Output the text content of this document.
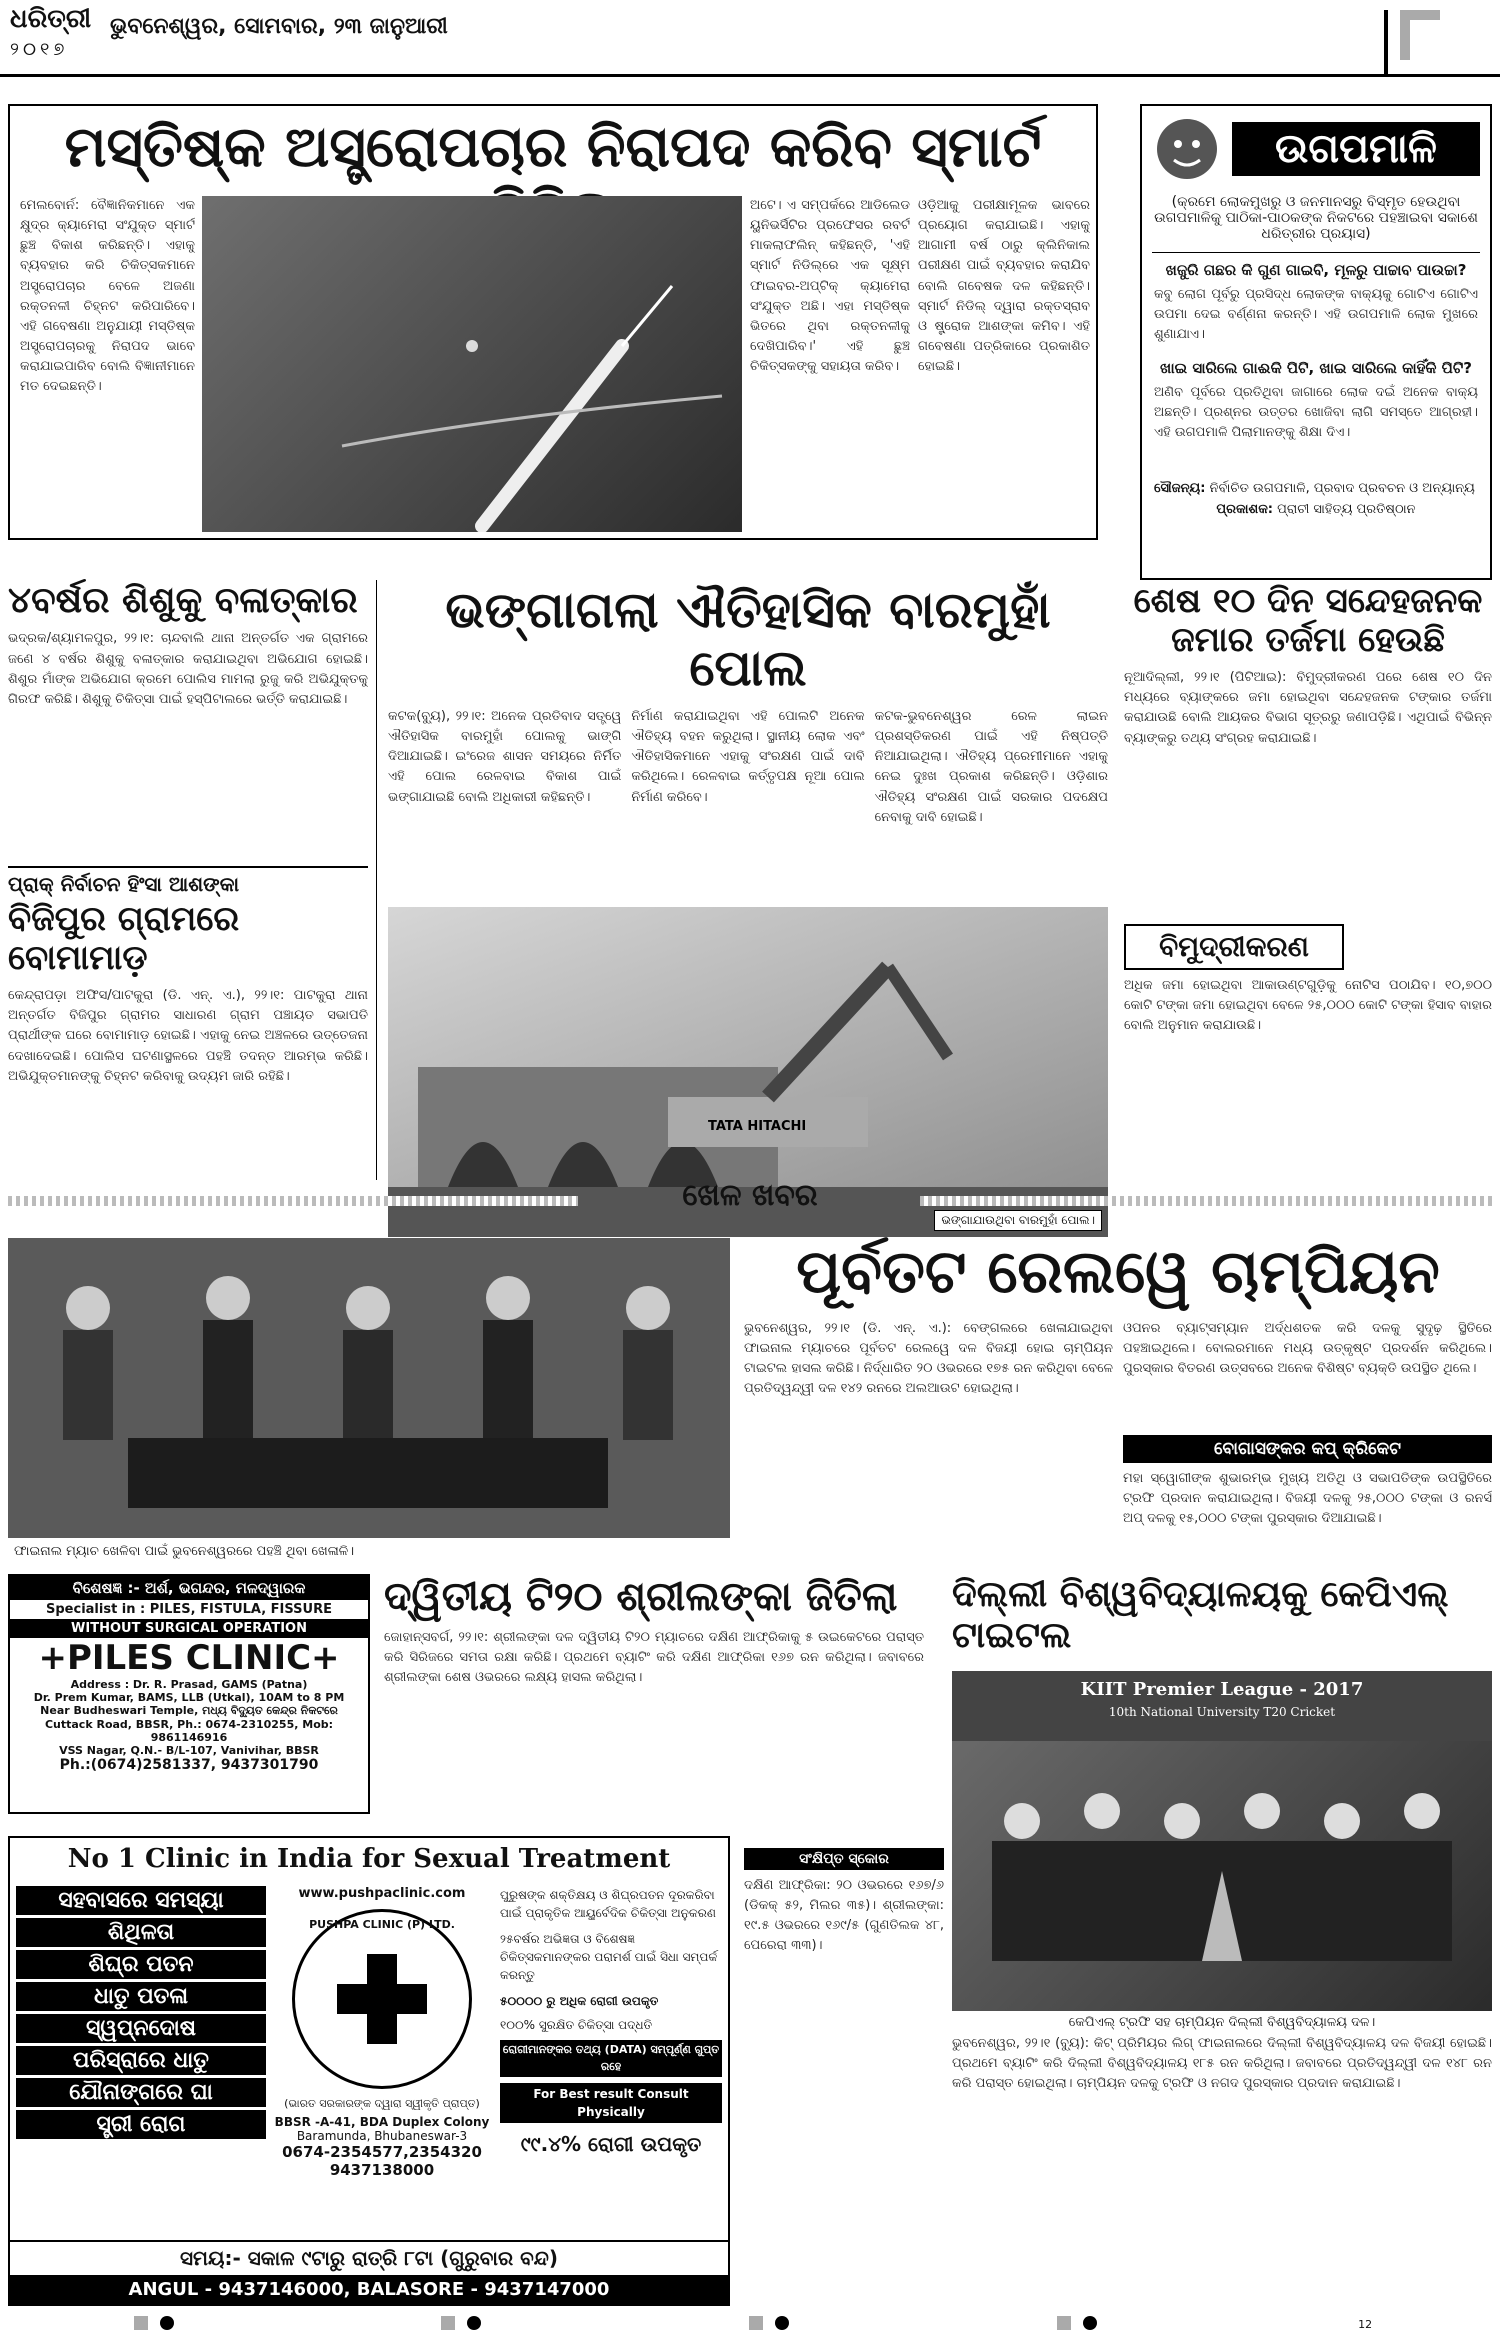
ଧରିତ୍ରୀ
୨୦୧୭
ଭୁବନେଶ୍ୱର, ସୋମବାର, ୨୩ ଜାନୁଆରୀ
ମସ୍ତିଷ୍କ ଅସ୍ତ୍ରୋପଚାର ନିରାପଦ କରିବ ସ୍ମାର୍ଟ
ମେଲବୋର୍ନ: ବୈଜ୍ଞାନିକମାନେ ଏକ କ୍ଷୁଦ୍ର କ୍ୟାମେରା ସଂଯୁକ୍ତ ସ୍ମାର୍ଟ ଛୁଞ୍ଚ ବିକାଶ କରିଛନ୍ତି। ଏହାକୁ ବ୍ୟବହାର କରି ଚିକିତ୍ସକମାନେ ଅସ୍ତ୍ରୋପଚାର ବେଳେ ଅଜଣା ରକ୍ତନଳୀ ଚିହ୍ନଟ କରିପାରିବେ। ଏହି ଗବେଷଣା ଅନୁଯାୟୀ ମସ୍ତିଷ୍କ ଅସ୍ତ୍ରୋପଚାରକୁ ନିରାପଦ ଭାବେ କରାଯାଇପାରିବ ବୋଲି ବିଜ୍ଞାନୀମାନେ ମତ ଦେଇଛନ୍ତି।
ଅଟେ। ଏ ସମ୍ପର୍କରେ ଆଡିଲେଡ ୟୁନିଭର୍ସିଟିର ପ୍ରଫେସର ରବର୍ଟ ମାକଲାଫଲିନ୍ କହିଛନ୍ତି, 'ଏହି ସ୍ମାର୍ଟ ନିଡିଲ୍‌ରେ ଏକ ସୂକ୍ଷ୍ମ ଫାଇବର-ଅପ୍ଟିକ୍ କ୍ୟାମେରା ସଂଯୁକ୍ତ ଅଛି। ଏହା ମସ୍ତିଷ୍କ ଭିତରେ ଥିବା ରକ୍ତନଳୀକୁ ଦେଖିପାରିବ।' ଏହି ଛୁଞ୍ଚ ଚିକିତ୍ସକଙ୍କୁ ସହାୟତା କରିବ।
ଓଡ଼ିଆକୁ ପରୀକ୍ଷାମୂଳକ ଭାବରେ ପ୍ରୟୋଗ କରାଯାଇଛି। ଏହାକୁ ଆଗାମୀ ବର୍ଷ ଠାରୁ କ୍ଲିନିକାଲ ପରୀକ୍ଷଣ ପାଇଁ ବ୍ୟବହାର କରାଯିବ ବୋଲି ଗବେଷକ ଦଳ କହିଛନ୍ତି। ସ୍ମାର୍ଟ ନିଡିଲ୍ ଦ୍ୱାରା ରକ୍ତସ୍ରାବ ଓ ଷ୍ଟ୍ରୋକ ଆଶଙ୍କା କମିବ। ଏହି ଗବେଷଣା ପତ୍ରିକାରେ ପ୍ରକାଶିତ ହୋଇଛି।
ଉଗପମାଳି
(କ୍ରମେ ଲୋକମୁଖରୁ ଓ ଜନମାନସରୁ ବିସ୍ମୃତ ହେଉଥିବା ଉଗପମାଳିକୁ ପାଠିକା-ପାଠକଙ୍କ ନିକଟରେ ପହଞ୍ଚାଇବା ସକାଶେ ଧରିତ୍ରୀର ପ୍ରୟାସ)
ଖଜୁରି ଗଛର କି ଗୁଣ ଗାଇବି, ମୂଳରୁ ପାଚ୍ଚାବ ପାଉଚ୍ଚା?
କବୁ ଲୋଗ ପୂର୍ବରୁ ପ୍ରସିଦ୍ଧ ଲୋକଙ୍କ ବାକ୍ୟକୁ ଗୋଟିଏ ଗୋଟିଏ ଉପମା ଦେଇ ବର୍ଣ୍ଣନା କରନ୍ତି। ଏହି ଉଗପମାଳି ଲୋକ ମୁଖରେ ଶୁଣାଯାଏ।
ଖାଇ ସାରିଲେ ଗାଈକି ପିଟି, ଖାଇ ସାରିଲେ କାହିଁକି ପିଟି?
ଅଣିବ ପୂର୍ବରେ ପ୍ରତିଥିବା ଜାଗାରେ ଲୋକ ଦଇଁ ଅନେକ ବାକ୍ୟ ଅଛନ୍ତି। ପ୍ରଶ୍ନର ଉତ୍ତର ଖୋଜିବା ଲାଗି ସମସ୍ତେ ଆଗ୍ରହୀ। ଏହି ଉଗପମାଳି ପିଲାମାନଙ୍କୁ ଶିକ୍ଷା ଦିଏ।
ସୌଜନ୍ୟ: ନିର୍ବାଚିତ ଉଗପମାଳି, ପ୍ରବାଦ ପ୍ରବଚନ ଓ ଅନ୍ୟାନ୍ୟ
ପ୍ରକାଶକ: ପ୍ରାଚୀ ସାହିତ୍ୟ ପ୍ରତିଷ୍ଠାନ
୪ବର୍ଷର ଶିଶୁକୁ ବଳାତ୍କାର
ଭଦ୍ରକ/ଶ୍ୟାମଳପୁର, ୨୨।୧: ଚାନ୍ଦବାଲି ଥାନା ଅନ୍ତର୍ଗତ ଏକ ଗ୍ରାମରେ ଜଣେ ୪ ବର୍ଷର ଶିଶୁକୁ ବଳାତ୍କାର କରାଯାଇଥିବା ଅଭିଯୋଗ ହୋଇଛି। ଶିଶୁର ମାଁଙ୍କ ଅଭିଯୋଗ କ୍ରମେ ପୋଲିସ ମାମଲା ରୁଜୁ କରି ଅଭିଯୁକ୍ତକୁ ଗିରଫ କରିଛି। ଶିଶୁକୁ ଚିକିତ୍ସା ପାଇଁ ହସ୍ପିଟାଲରେ ଭର୍ତ୍ତି କରାଯାଇଛି।
ପ୍ରାକ୍ ନିର୍ବାଚନ ହିଂସା ଆଶଙ୍କା
ବିଜିପୁର ଗ୍ରାମରେ ବୋମାମାଡ଼
କେନ୍ଦ୍ରାପଡ଼ା ଅଫିସ/ପାଟକୁରା (ଡି. ଏନ୍. ଏ.), ୨୨।୧: ପାଟକୁରା ଥାନା ଅନ୍ତର୍ଗତ ବିଜିପୁର ଗ୍ରାମର ସାଧାରଣ ଗ୍ରାମ ପଞ୍ଚାୟତ ସଭାପତି ପ୍ରାର୍ଥୀଙ୍କ ଘରେ ବୋମାମାଡ଼ ହୋଇଛି। ଏହାକୁ ନେଇ ଅଞ୍ଚଳରେ ଉତ୍ତେଜନା ଦେଖାଦେଇଛି। ପୋଲିସ ଘଟଣାସ୍ଥଳରେ ପହଞ୍ଚି ତଦନ୍ତ ଆରମ୍ଭ କରିଛି। ଅଭିଯୁକ୍ତମାନଙ୍କୁ ଚିହ୍ନଟ କରିବାକୁ ଉଦ୍ୟମ ଜାରି ରହିଛି।
ଭଙ୍ଗାଗଲା ଐତିହାସିକ ବାରମୁହାଁ ପୋଲ
କଟକ(ବ୍ୟୁ), ୨୨।୧: ଅନେକ ପ୍ରତିବାଦ ସତ୍ତ୍ୱେ ଐତିହାସିକ ବାରମୁହାଁ ପୋଲକୁ ଭାଙ୍ଗି ଦିଆଯାଇଛି। ଇଂରେଜ ଶାସନ ସମୟରେ ନିର୍ମିତ ଏହି ପୋଲ ରେଳବାଇ ବିକାଶ ପାଇଁ ଭଙ୍ଗାଯାଇଛି ବୋଲି ଅଧିକାରୀ କହିଛନ୍ତି।
ନିର୍ମାଣ କରାଯାଇଥିବା ଏହି ପୋଲଟି ଅନେକ ଐତିହ୍ୟ ବହନ କରୁଥିଲା। ସ୍ଥାନୀୟ ଲୋକ ଏବଂ ଐତିହାସିକମାନେ ଏହାକୁ ସଂରକ୍ଷଣ ପାଇଁ ଦାବି କରିଥିଲେ। ରେଳବାଇ କର୍ତ୍ତୃପକ୍ଷ ନୂଆ ପୋଲ ନିର୍ମାଣ କରିବେ।
କଟକ-ଭୁବନେଶ୍ୱର ରେଳ ଲାଇନ ପ୍ରଶସ୍ତିକରଣ ପାଇଁ ଏହି ନିଷ୍ପତ୍ତି ନିଆଯାଇଥିଲା। ଐତିହ୍ୟ ପ୍ରେମୀମାନେ ଏହାକୁ ନେଇ ଦୁଃଖ ପ୍ରକାଶ କରିଛନ୍ତି। ଓଡ଼ିଶାର ଐତିହ୍ୟ ସଂରକ୍ଷଣ ପାଇଁ ସରକାର ପଦକ୍ଷେପ ନେବାକୁ ଦାବି ହୋଇଛି।
TATA HITACHI
ଭଙ୍ଗାଯାଉଥିବା ବାରମୁହାଁ ପୋଲ।
ଶେଷ ୧୦ ଦିନ ସନ୍ଦେହଜନକ ଜମାର ତର୍ଜମା ହେଉଛି
ନୂଆଦିଲ୍ଲୀ, ୨୨।୧ (ପିଟିଆଇ): ବିମୁଦ୍ରୀକରଣ ପରେ ଶେଷ ୧୦ ଦିନ ମଧ୍ୟରେ ବ୍ୟାଙ୍କରେ ଜମା ହୋଇଥିବା ସନ୍ଦେହଜନକ ଟଙ୍କାର ତର୍ଜମା କରାଯାଉଛି ବୋଲି ଆୟକର ବିଭାଗ ସୂତ୍ରରୁ ଜଣାପଡ଼ିଛି। ଏଥିପାଇଁ ବିଭିନ୍ନ ବ୍ୟାଙ୍କରୁ ତଥ୍ୟ ସଂଗ୍ରହ କରାଯାଇଛି।
ବିମୁଦ୍ରୀକରଣ
ଅଧିକ ଜମା ହୋଇଥିବା ଆକାଉଣ୍ଟଗୁଡ଼ିକୁ ନୋଟିସ ପଠାଯିବ। ୧୦,୭୦୦ କୋଟି ଟଙ୍କା ଜମା ହୋଇଥିବା ବେଳେ ୨୫,୦୦୦ କୋଟି ଟଙ୍କା ହିସାବ ବାହାର ବୋଲି ଅନୁମାନ କରାଯାଉଛି।
ଖେଳ ଖବର
ଫାଇନାଲ ମ୍ୟାଚ ଖେଳିବା ପାଇଁ ଭୁବନେଶ୍ୱରରେ ପହଞ୍ଚି ଥିବା ଖେଳାଳି।
ପୂର୍ବତଟ ରେଲୱେ ଚାମ୍ପିୟନ
ଭୁବନେଶ୍ୱର, ୨୨।୧ (ଡି. ଏନ୍. ଏ.): ବେଙ୍ଗଲରେ ଖେଳାଯାଇଥିବା ଫାଇନାଲ ମ୍ୟାଚରେ ପୂର୍ବତଟ ରେଲୱେ ଦଳ ବିଜୟୀ ହୋଇ ଚାମ୍ପିୟନ ଟାଇଟଲ ହାସଲ କରିଛି। ନିର୍ଦ୍ଧାରିତ ୨୦ ଓଭରରେ ୧୭୫ ରନ କରିଥିବା ବେଳେ ପ୍ରତିଦ୍ୱନ୍ଦ୍ୱୀ ଦଳ ୧୪୨ ରନରେ ଅଲଆଉଟ ହୋଇଥିଲା।
ଓପନର ବ୍ୟାଟ୍ସମ୍ୟାନ ଅର୍ଦ୍ଧଶତକ କରି ଦଳକୁ ସୁଦୃଢ଼ ସ୍ଥିତିରେ ପହଞ୍ଚାଇଥିଲେ। ବୋଲରମାନେ ମଧ୍ୟ ଉତ୍କୃଷ୍ଟ ପ୍ରଦର୍ଶନ କରିଥିଲେ। ପୁରସ୍କାର ବିତରଣ ଉତ୍ସବରେ ଅନେକ ବିଶିଷ୍ଟ ବ୍ୟକ୍ତି ଉପସ୍ଥିତ ଥିଲେ।
ବୋଗାସଙ୍କର କପ୍ କ୍ରିକେଟ
ମହା ସ୍ୱୋଗୀଙ୍କ ଶୁଭାରମ୍ଭ ମୁଖ୍ୟ ଅତିଥି ଓ ସଭାପତିଙ୍କ ଉପସ୍ଥିତିରେ ଟ୍ରଫି ପ୍ରଦାନ କରାଯାଇଥିଲା। ବିଜୟୀ ଦଳକୁ ୨୫,୦୦୦ ଟଙ୍କା ଓ ରନର୍ସ ଅପ୍ ଦଳକୁ ୧୫,୦୦୦ ଟଙ୍କା ପୁରସ୍କାର ଦିଆଯାଇଛି।
ବିଶେଷଜ୍ଞ :- ଅର୍ଶ, ଭଗନ୍ଦର, ମଳଦ୍ୱାରକ
Specialist in : PILES, FISTULA, FISSURE
WITHOUT SURGICAL OPERATION
+PILES CLINIC+
Address : Dr. R. Prasad, GAMS (Patna)
Dr. Prem Kumar, BAMS, LLB (Utkal), 10AM to 8 PM
Near Budheswari Temple, ମଧ୍ୟ ବିଦ୍ୟୁତ କେନ୍ଦ୍ର ନିକଟରେ
Cuttack Road, BBSR, Ph.: 0674-2310255, Mob: 9861146916
VSS Nagar, Q.N.- B/L-107, Vanivihar, BBSR
Ph.:(0674)2581337, 9437301790
No 1 Clinic in India for Sexual Treatment
ସହବାସରେ ସମସ୍ୟା
ଶିଥିଳତା
ଶିଘ୍ର ପତନ
ଧାତୁ ପତଳା
ସ୍ୱପ୍ନଦୋଷ
ପରିସ୍ରାରେ ଧାତୁ
ଯୌନାଙ୍ଗରେ ଘା
ସ୍ତ୍ରୀ ରୋଗ
www.pushpaclinic.com
PUSHPA CLINIC (P) LTD.
(ଭାରତ ସରକାରଙ୍କ ଦ୍ୱାରା ସ୍ୱୀକୃତି ପ୍ରାପ୍ତ)
BBSR -A-41, BDA Duplex Colony
Baramunda, Bhubaneswar-3
0674-2354577,2354320
9437138000
ପୁରୁଷଙ୍କ ଶକ୍ତିକ୍ଷୟ ଓ ଶିଘ୍ରପତନ ଦୂରକରିବା ପାଇଁ ପ୍ରାକୃତିକ ଆୟୁର୍ବେଦିକ ଚିକିତ୍ସା ଅନୁକରଣ
୨୫ବର୍ଷର ଅଭିଜ୍ଞତା ଓ ବିଶେଷଜ୍ଞ ଚିକିତ୍ସକମାନଙ୍କର ପରାମର୍ଶ ପାଇଁ ସିଧା ସମ୍ପର୍କ କରନ୍ତୁ
୫୦୦୦୦ ରୁ ଅଧିକ ରୋଗୀ ଉପକୃତ
୧୦୦% ସୁରକ୍ଷିତ ଚିକିତ୍ସା ପଦ୍ଧତି
ରୋଗୀମାନଙ୍କର ତଥ୍ୟ (DATA) ସମ୍ପୂର୍ଣ୍ଣ ଗୁପ୍ତ ରହେ
For Best result Consult Physically
୯୯.୪% ରୋଗୀ ଉପକୃତ
ସମୟ:- ସକାଳ ୯ଟାରୁ ରାତ୍ରି ୮ଟା (ଗୁରୁବାର ବନ୍ଦ)
ANGUL - 9437146000, BALASORE - 9437147000
ଦ୍ୱିତୀୟ ଟି୨୦ ଶ୍ରୀଲଙ୍କା ଜିତିଲା
ଜୋହାନ୍‌ସବର୍ଗ, ୨୨।୧: ଶ୍ରୀଲଙ୍କା ଦଳ ଦ୍ୱିତୀୟ ଟି୨୦ ମ୍ୟାଚରେ ଦକ୍ଷିଣ ଆଫ୍ରିକାକୁ ୫ ଉଇକେଟରେ ପରାସ୍ତ କରି ସିରିଜରେ ସମତା ରକ୍ଷା କରିଛି। ପ୍ରଥମେ ବ୍ୟାଟିଂ କରି ଦକ୍ଷିଣ ଆଫ୍ରିକା ୧୬୭ ରନ କରିଥିଲା। ଜବାବରେ ଶ୍ରୀଲଙ୍କା ଶେଷ ଓଭରରେ ଲକ୍ଷ୍ୟ ହାସଲ କରିଥିଲା।
ସଂକ୍ଷିପ୍ତ ସ୍କୋର
ଦକ୍ଷିଣ ଆଫ୍ରିକା: ୨୦ ଓଭରରେ ୧୬୭/୬ (ଡିକକ୍ ୫୨, ମିଲର ୩୫)। ଶ୍ରୀଲଙ୍କା: ୧୯.୫ ଓଭରରେ ୧୬୯/୫ (ଗୁଣତିଲକ ୪୮, ପେରେରା ୩୩)।
ଦିଲ୍ଲୀ ବିଶ୍ୱବିଦ୍ୟାଳୟକୁ କେପିଏଲ୍ ଟାଇଟଲ
KIIT Premier League - 2017
10th National University T20 Cricket
କେପିଏଲ୍ ଟ୍ରଫି ସହ ଚାମ୍ପିୟନ ଦିଲ୍ଲୀ ବିଶ୍ୱବିଦ୍ୟାଳୟ ଦଳ।
ଭୁବନେଶ୍ୱର, ୨୨।୧ (ବ୍ୟୁ): କିଟ୍ ପ୍ରିମିୟର ଲିଗ୍ ଫାଇନାଲରେ ଦିଲ୍ଲୀ ବିଶ୍ୱବିଦ୍ୟାଳୟ ଦଳ ବିଜୟୀ ହୋଇଛି। ପ୍ରଥମେ ବ୍ୟାଟିଂ କରି ଦିଲ୍ଲୀ ବିଶ୍ୱବିଦ୍ୟାଳୟ ୧୮୫ ରନ କରିଥିଲା। ଜବାବରେ ପ୍ରତିଦ୍ୱନ୍ଦ୍ୱୀ ଦଳ ୧୪୮ ରନ କରି ପରାସ୍ତ ହୋଇଥିଲା। ଚାମ୍ପିୟନ ଦଳକୁ ଟ୍ରଫି ଓ ନଗଦ ପୁରସ୍କାର ପ୍ରଦାନ କରାଯାଇଛି।
12
